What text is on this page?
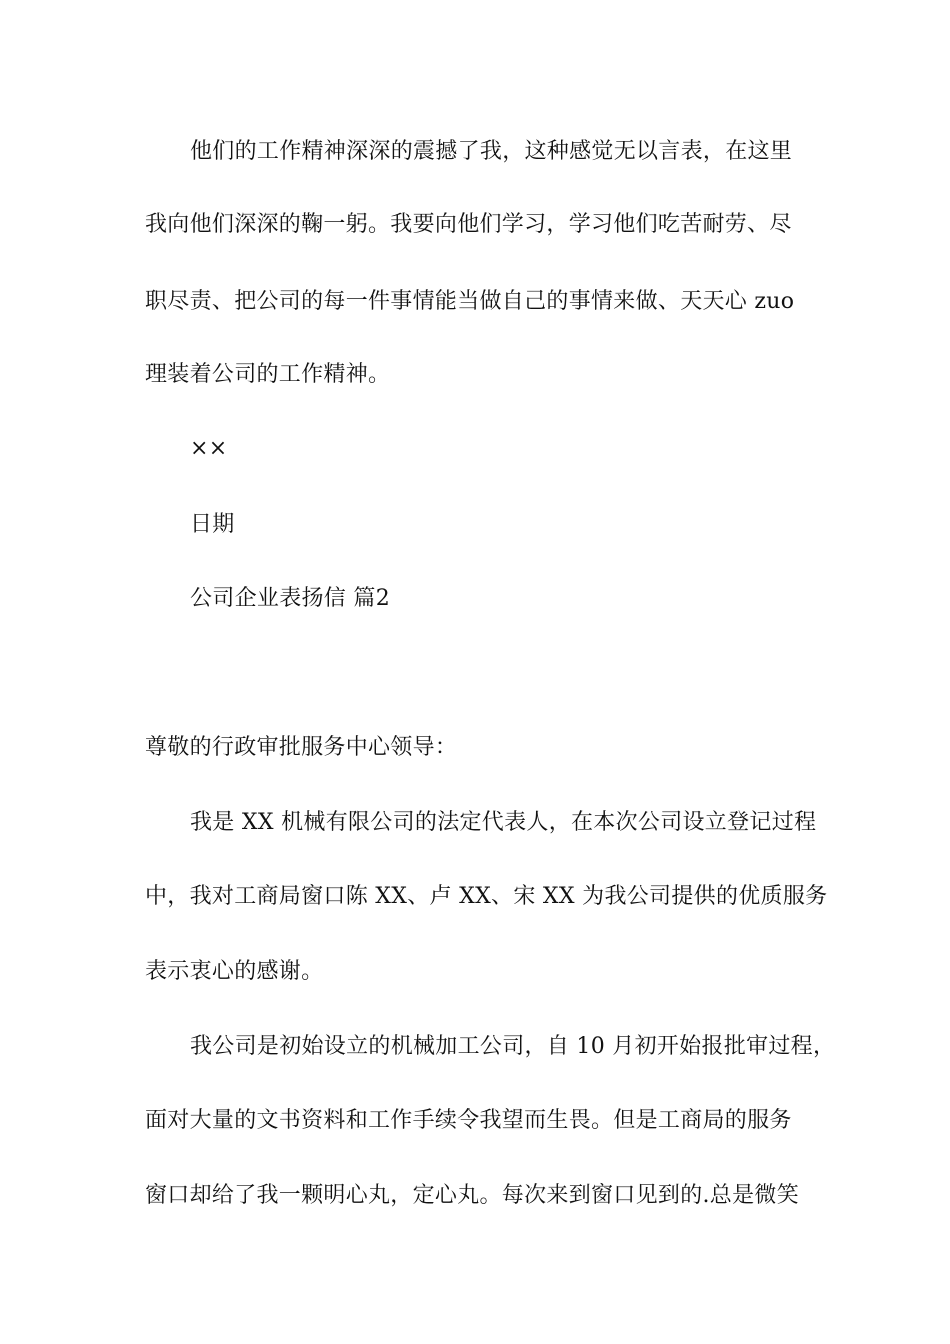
他们的工作精神深深的震撼了我，这种感觉无以言表，在这里
我向他们深深的鞠一躬。我要向他们学习，学习他们吃苦耐劳、尽
职尽责、把公司的每一件事情能当做自己的事情来做、天天心 zuo
理装着公司的工作精神。
××
日期
公司企业表扬信 篇2
尊敬的行政审批服务中心领导：
我是 XX 机械有限公司的法定代表人，在本次公司设立登记过程
中，我对工商局窗口陈 XX、卢 XX、宋 XX 为我公司提供的优质服务
表示衷心的感谢。
我公司是初始设立的机械加工公司，自 10 月初开始报批审过程，
面对大量的文书资料和工作手续令我望而生畏。但是工商局的服务
窗口却给了我一颗明心丸，定心丸。每次来到窗口见到的.总是微笑
